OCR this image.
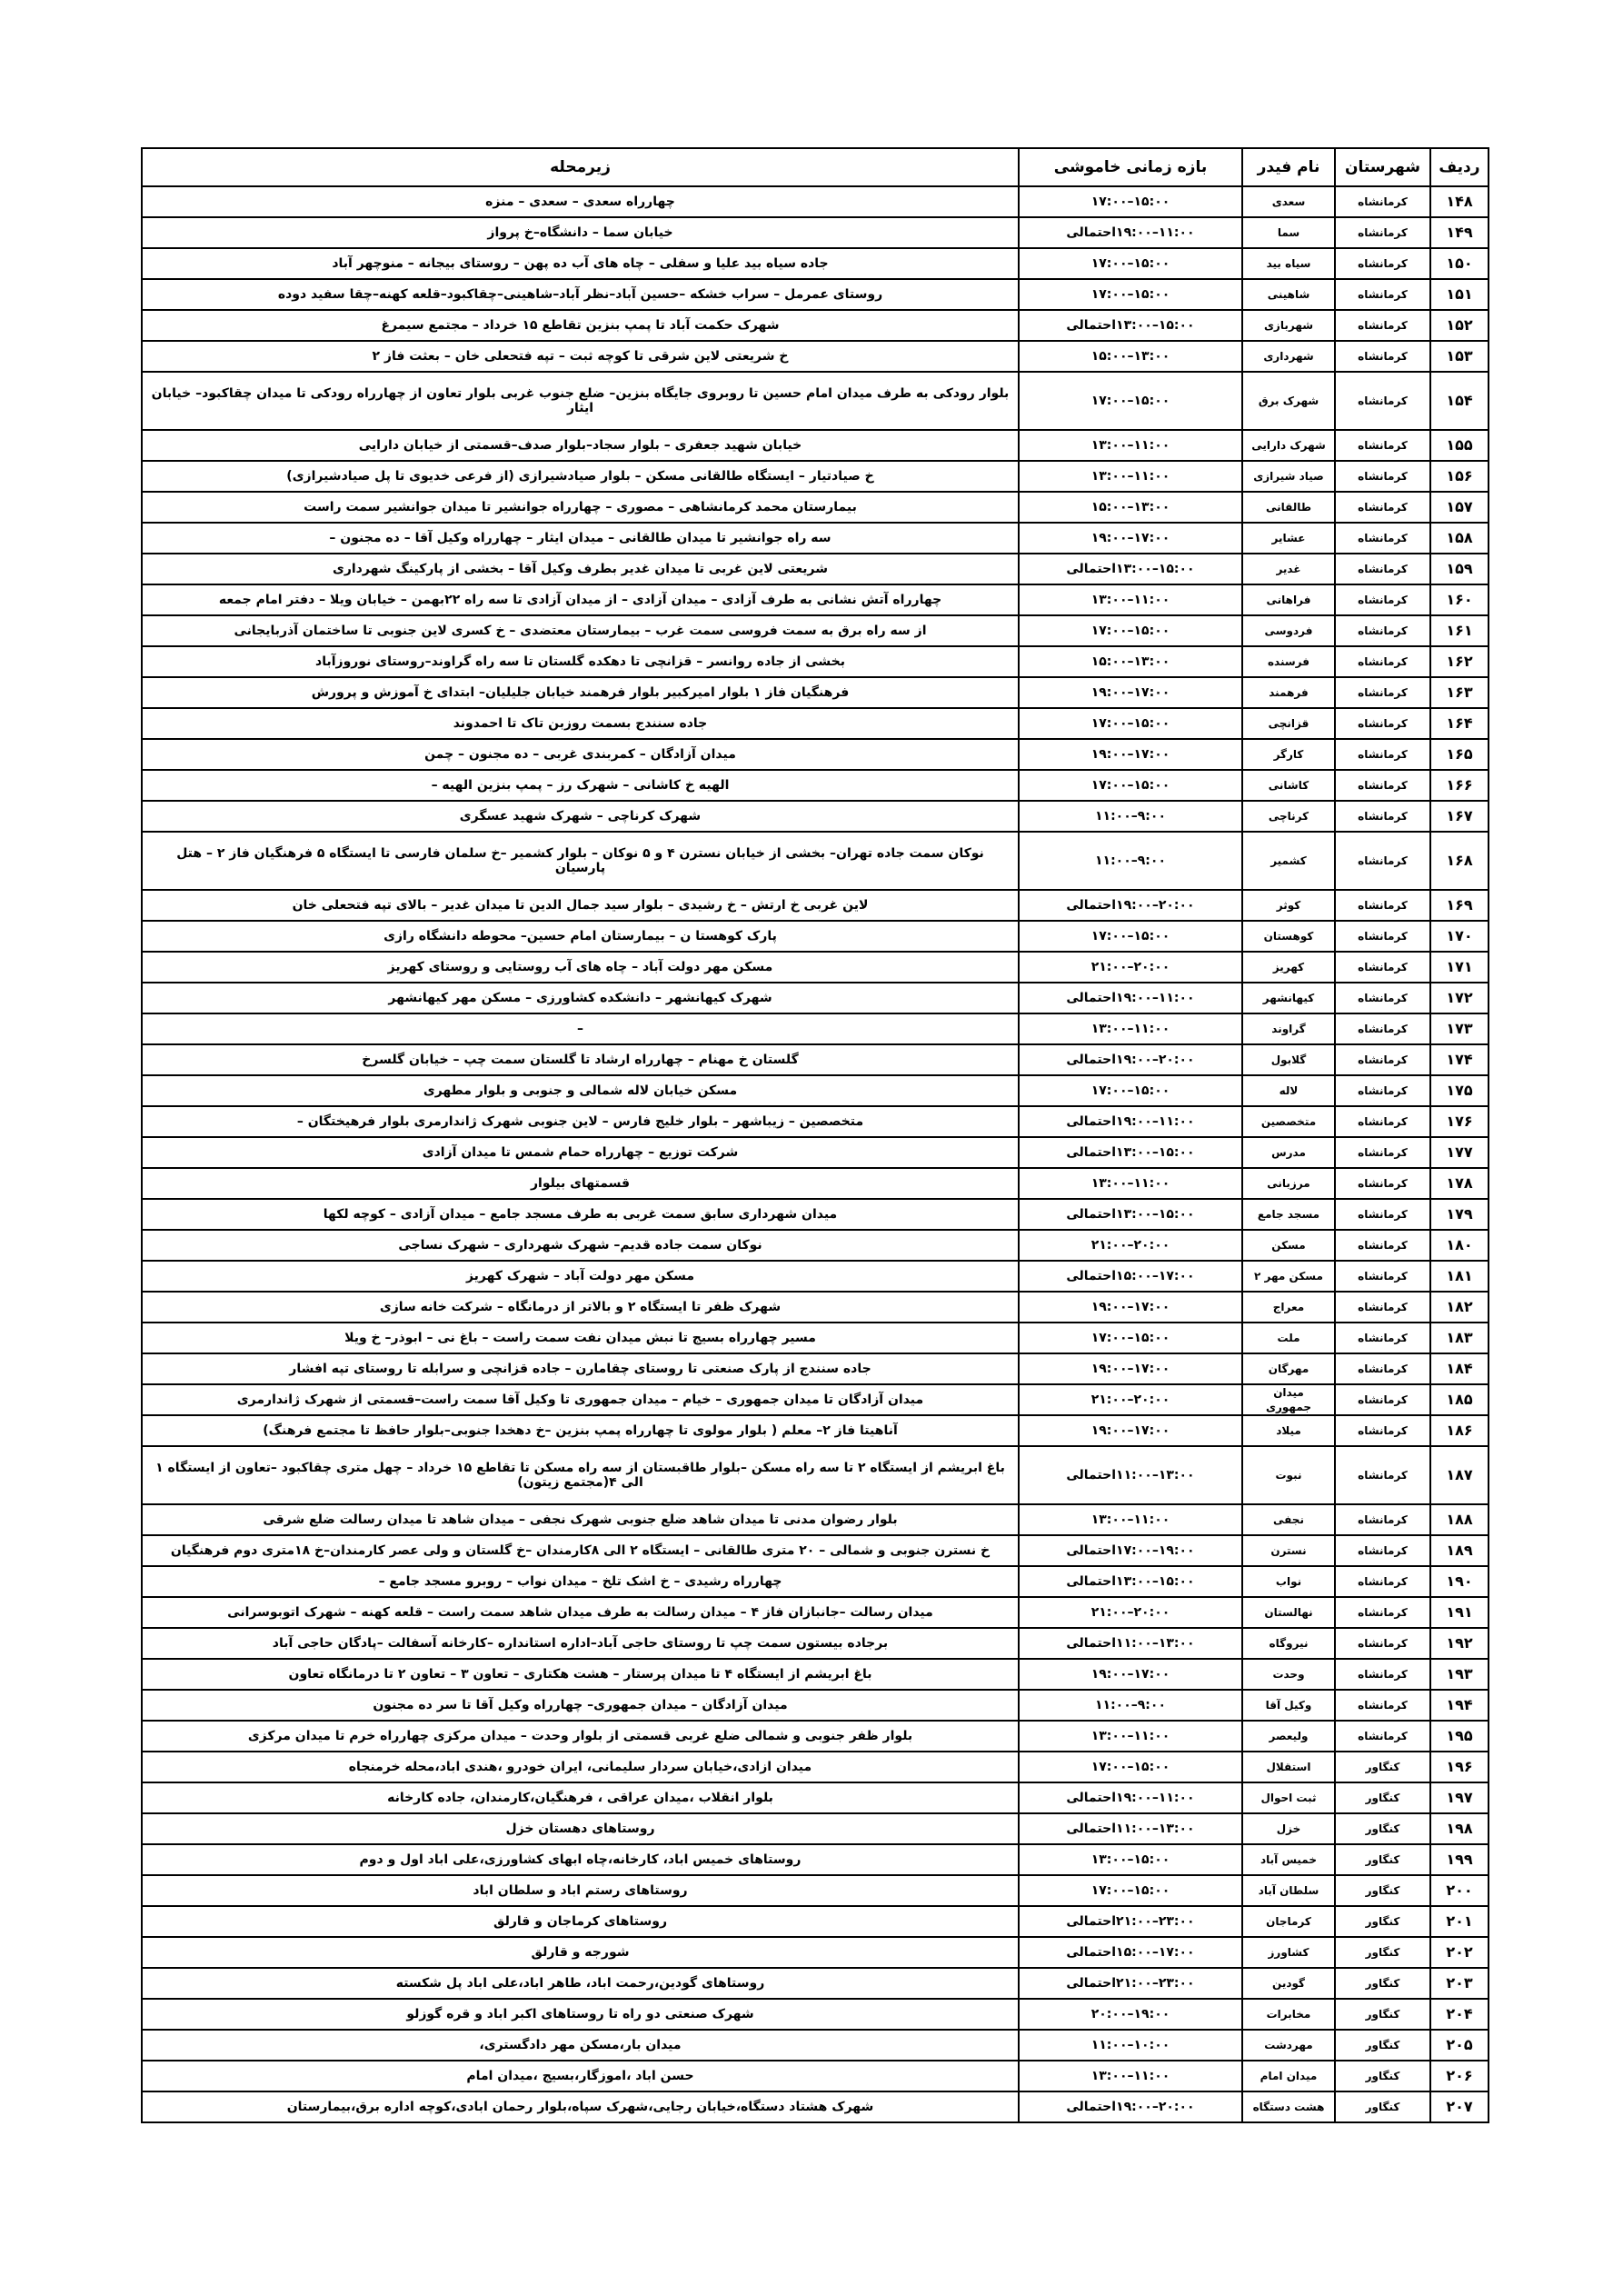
ردیف	شهرستان	نام فیدر	بازه زمانی خاموشی	زیرمحله
۱۴۸	کرمانشاه	سعدی	۱۵:۰۰–۱۷:۰۰	چهارراه سعدی – سعدی – منزه
۱۴۹	کرمانشاه	سما	۱۱:۰۰–۱۹:۰۰احتمالی	خیابان سما – دانشگاه–خ پرواز
۱۵۰	کرمانشاه	سیاه بید	۱۵:۰۰–۱۷:۰۰	جاده سیاه بید علیا و سفلی – چاه های آب ده پهن – روستای بیجانه – منوچهر آباد
۱۵۱	کرمانشاه	شاهینی	۱۵:۰۰–۱۷:۰۰	روستای عمرمل – سراب خشکه –حسین آباد–نظر آباد–شاهینی–چقاکبود–قلعه کهنه–چقا سفید دوده
۱۵۲	کرمانشاه	شهربازی	۱۵:۰۰–۱۳:۰۰احتمالی	شهرک حکمت آباد تا پمپ بنزین تقاطع ۱۵ خرداد – مجتمع سیمرغ
۱۵۳	کرمانشاه	شهرداری	۱۳:۰۰–۱۵:۰۰	خ شریعتی لاین شرقی تا کوچه ثبت – تپه فتحعلی خان – بعثت فاز ۲
۱۵۴	کرمانشاه	شهرک برق	۱۵:۰۰–۱۷:۰۰	بلوار رودکی به طرف میدان امام حسین تا روبروی جایگاه بنزین– ضلع جنوب غربی بلوار تعاون از چهارراه رودکی تا میدان چقاکبود– خیابان ایثار
۱۵۵	کرمانشاه	شهرک دارایی	۱۱:۰۰–۱۳:۰۰	خیابان شهید جعفری – بلوار سجاد–بلوار صدف–قسمتی از خیابان دارایی
۱۵۶	کرمانشاه	صیاد شیرازی	۱۱:۰۰–۱۳:۰۰	خ صیادتیار – ایستگاه طالقانی مسکن – بلوار صیادشیرازی (از فرعی خدیوی تا پل صیادشیرازی)
۱۵۷	کرمانشاه	طالقانی	۱۳:۰۰–۱۵:۰۰	بیمارستان محمد کرمانشاهی – مصوری – چهارراه جوانشیر تا میدان جوانشیر سمت راست
۱۵۸	کرمانشاه	عشایر	۱۷:۰۰–۱۹:۰۰	سه راه جوانشیر تا میدان طالقانی – میدان ایثار – چهارراه وکیل آقا – ده مجنون –
۱۵۹	کرمانشاه	غدیر	۱۵:۰۰–۱۳:۰۰احتمالی	شریعتی لاین غربی تا میدان غدیر بطرف وکیل آقا – بخشی از پارکینگ شهرداری
۱۶۰	کرمانشاه	فراهانی	۱۱:۰۰–۱۳:۰۰	چهارراه آتش نشانی به طرف آزادی – میدان آزادی – از میدان آزادی تا سه راه ۲۲بهمن – خیابان ویلا – دفتر امام جمعه
۱۶۱	کرمانشاه	فردوسی	۱۵:۰۰–۱۷:۰۰	از سه راه برق به سمت فروسی سمت غرب – بیمارستان معتضدی – خ کسری لاین جنوبی تا ساختمان آذربایجانی
۱۶۲	کرمانشاه	فرسنده	۱۳:۰۰–۱۵:۰۰	بخشی از جاده روانسر – قزانچی تا دهکده گلستان تا سه راه گراوند–روستای نوروزآباد
۱۶۳	کرمانشاه	فرهمند	۱۷:۰۰–۱۹:۰۰	فرهنگیان فاز ۱ بلوار امیرکبیر بلوار فرهمند خیابان جلیلیان– ابتدای خ آموزش و پرورش
۱۶۴	کرمانشاه	قزانچی	۱۵:۰۰–۱۷:۰۰	جاده سنندج بسمت روزبن تاک تا احمدوند
۱۶۵	کرمانشاه	کارگر	۱۷:۰۰–۱۹:۰۰	میدان آزادگان – کمربندی غربی – ده مجنون – چمن
۱۶۶	کرمانشاه	کاشانی	۱۵:۰۰–۱۷:۰۰	الهیه خ کاشانی – شهرک رز – پمپ بنزین الهیه –
۱۶۷	کرمانشاه	کرناچی	۹:۰۰–۱۱:۰۰	شهرک کرناچی – شهرک شهید عسگری
۱۶۸	کرمانشاه	کشمیر	۹:۰۰–۱۱:۰۰	نوکان سمت جاده تهران– بخشی از خیابان نسترن ۴ و ۵ نوکان – بلوار کشمیر –خ سلمان فارسی تا ایستگاه ۵ فرهنگیان فاز ۲ – هتل پارسیان
۱۶۹	کرمانشاه	کوثر	۲۰:۰۰–۱۹:۰۰احتمالی	لاین غربی خ ارتش – خ رشیدی – بلوار سید جمال الدین تا میدان غدیر – بالای تپه فتحعلی خان
۱۷۰	کرمانشاه	کوهستان	۱۵:۰۰–۱۷:۰۰	پارک کوهستا ن – بیمارستان امام حسین– محوطه دانشگاه رازی
۱۷۱	کرمانشاه	کهریز	۲۰:۰۰–۲۱:۰۰	مسکن مهر دولت آباد – چاه های آب روستایی و روستای کهریز
۱۷۲	کرمانشاه	کیهانشهر	۱۱:۰۰–۱۹:۰۰احتمالی	شهرک کیهانشهر – دانشکده کشاورزی – مسکن مهر کیهانشهر
۱۷۳	کرمانشاه	گراوند	۱۱:۰۰–۱۳:۰۰	–
۱۷۴	کرمانشاه	گلابول	۲۰:۰۰–۱۹:۰۰احتمالی	گلستان خ مهنام – چهارراه ارشاد تا گلستان سمت چپ – خیابان گلسرخ
۱۷۵	کرمانشاه	لاله	۱۵:۰۰–۱۷:۰۰	مسکن خیابان لاله شمالی و جنوبی و بلوار مطهری
۱۷۶	کرمانشاه	متخصصین	۱۱:۰۰–۱۹:۰۰احتمالی	متخصصین – زیباشهر – بلوار خلیج فارس – لاین جنوبی شهرک ژاندارمری بلوار فرهیختگان –
۱۷۷	کرمانشاه	مدرس	۱۵:۰۰–۱۳:۰۰احتمالی	شرکت توزیع – چهارراه حمام شمس تا میدان آزادی
۱۷۸	کرمانشاه	مرزبانی	۱۱:۰۰–۱۳:۰۰	قسمتهای بیلوار
۱۷۹	کرمانشاه	مسجد جامع	۱۵:۰۰–۱۳:۰۰احتمالی	میدان شهرداری سابق سمت غربی به طرف مسجد جامع – میدان آزادی – کوچه لکها
۱۸۰	کرمانشاه	مسکن	۲۰:۰۰–۲۱:۰۰	نوکان سمت جاده قدیم– شهرک شهرداری – شهرک نساجی
۱۸۱	کرمانشاه	مسکن مهر ۲	۱۷:۰۰–۱۵:۰۰احتمالی	مسکن مهر دولت آباد – شهرک کهریز
۱۸۲	کرمانشاه	معراج	۱۷:۰۰–۱۹:۰۰	شهرک ظفر تا ایستگاه ۲ و بالاتر از درمانگاه – شرکت خانه سازی
۱۸۳	کرمانشاه	ملت	۱۵:۰۰–۱۷:۰۰	مسیر چهارراه بسیج تا نبش میدان نفت سمت راست – باغ نی – ابوذر– خ ویلا
۱۸۴	کرمانشاه	مهرگان	۱۷:۰۰–۱۹:۰۰	جاده سنندج از پارک صنعتی تا روستای چقامارن – جاده قزانچی و سرابله تا روستای تپه افشار
۱۸۵	کرمانشاه	میدان جمهوری	۲۰:۰۰–۲۱:۰۰	میدان آزادگان تا میدان جمهوری – خیام – میدان جمهوری تا وکیل آقا سمت راست–قسمتی از شهرک ژاندارمری
۱۸۶	کرمانشاه	میلاد	۱۷:۰۰–۱۹:۰۰	آناهیتا فاز ۲– معلم ( بلوار مولوی تا چهارراه پمپ بنزین –خ دهخدا جنوبی–بلوار حافظ تا مجتمع فرهنگ)
۱۸۷	کرمانشاه	نبوت	۱۳:۰۰–۱۱:۰۰احتمالی	باغ ابریشم از ایستگاه ۲ تا سه راه مسکن –بلوار طاقبستان از سه راه مسکن تا تقاطع ۱۵ خرداد – چهل متری چقاکبود –تعاون از ایستگاه ۱ الی ۴(مجتمع زیتون)
۱۸۸	کرمانشاه	نجفی	۱۱:۰۰–۱۳:۰۰	بلوار رضوان مدنی تا میدان شاهد ضلع جنوبی شهرک نجفی – میدان شاهد تا میدان رسالت ضلع شرقی
۱۸۹	کرمانشاه	نسترن	۱۹:۰۰–۱۷:۰۰احتمالی	خ نسترن جنوبی و شمالی – ۲۰ متری طالقانی – ایستگاه ۲ الی ۸کارمندان –خ گلستان و ولی عصر کارمندان–خ ۱۸متری دوم فرهنگیان
۱۹۰	کرمانشاه	نواب	۱۵:۰۰–۱۳:۰۰احتمالی	چهارراه رشیدی – خ اشک تلخ – میدان نواب – روبرو مسجد جامع –
۱۹۱	کرمانشاه	نهالستان	۲۰:۰۰–۲۱:۰۰	میدان رسالت –جانبازان فاز ۴ – میدان رسالت به طرف میدان شاهد سمت راست – قلعه کهنه – شهرک اتوبوسرانی
۱۹۲	کرمانشاه	نیروگاه	۱۳:۰۰–۱۱:۰۰احتمالی	برجاده بیستون سمت چپ تا روستای حاجی آباد–اداره استانداره –کارخانه آسفالت –پادگان حاجی آباد
۱۹۳	کرمانشاه	وحدت	۱۷:۰۰–۱۹:۰۰	باغ ابریشم از ایستگاه ۴ تا میدان پرستار – هشت هکتاری – تعاون ۳ – تعاون ۲ تا درمانگاه تعاون
۱۹۴	کرمانشاه	وکیل آقا	۹:۰۰–۱۱:۰۰	میدان آزادگان – میدان جمهوری– چهارراه وکیل آقا تا سر ده مجنون
۱۹۵	کرمانشاه	ولیعصر	۱۱:۰۰–۱۳:۰۰	بلوار ظفر جنوبی و شمالی ضلع غربی قسمتی از بلوار وحدت – میدان مرکزی چهارراه خرم تا میدان مرکزی
۱۹۶	کنگاور	استقلال	۱۵:۰۰–۱۷:۰۰	میدان ازادی،خیابان سردار سلیمانی، ایران خودرو ،هندی اباد،محله خرمنجاه
۱۹۷	کنگاور	ثبت احوال	۱۱:۰۰–۱۹:۰۰احتمالی	بلوار انقلاب ،میدان عراقی ، فرهنگیان،کارمندان، جاده کارخانه
۱۹۸	کنگاور	خزل	۱۳:۰۰–۱۱:۰۰احتمالی	روستاهای دهستان خزل
۱۹۹	کنگاور	خمیس آباد	۱۵:۰۰–۱۳:۰۰	روستاهای خمیس اباد، کارخانه،چاه ابهای کشاورزی،علی اباد اول و دوم
۲۰۰	کنگاور	سلطان آباد	۱۵:۰۰–۱۷:۰۰	روستاهای رستم اباد و سلطان اباد
۲۰۱	کنگاور	کرماجان	۲۳:۰۰–۲۱:۰۰احتمالی	روستاهای کرماجان و قارلق
۲۰۲	کنگاور	کشاورز	۱۷:۰۰–۱۵:۰۰احتمالی	شورجه و قارلق
۲۰۳	کنگاور	گودین	۲۳:۰۰–۲۱:۰۰احتمالی	روستاهای گودین،رحمت اباد، طاهر اباد،علی اباد پل شکسته
۲۰۴	کنگاور	مخابرات	۱۹:۰۰–۲۰:۰۰	شهرک صنعتی دو راه تا روستاهای اکبر اباد و قره گوزلو
۲۰۵	کنگاور	مهردشت	۱۰:۰۰–۱۱:۰۰	میدان بار،مسکن مهر دادگستری،
۲۰۶	کنگاور	میدان امام	۱۱:۰۰–۱۳:۰۰	حسن اباد ،اموزگار،بسیج ،میدان امام
۲۰۷	کنگاور	هشت دستگاه	۲۰:۰۰–۱۹:۰۰احتمالی	شهرک هشتاد دستگاه،خیابان رجایی،شهرک سپاه،بلوار رحمان ابادی،کوچه اداره برق،بیمارستان
